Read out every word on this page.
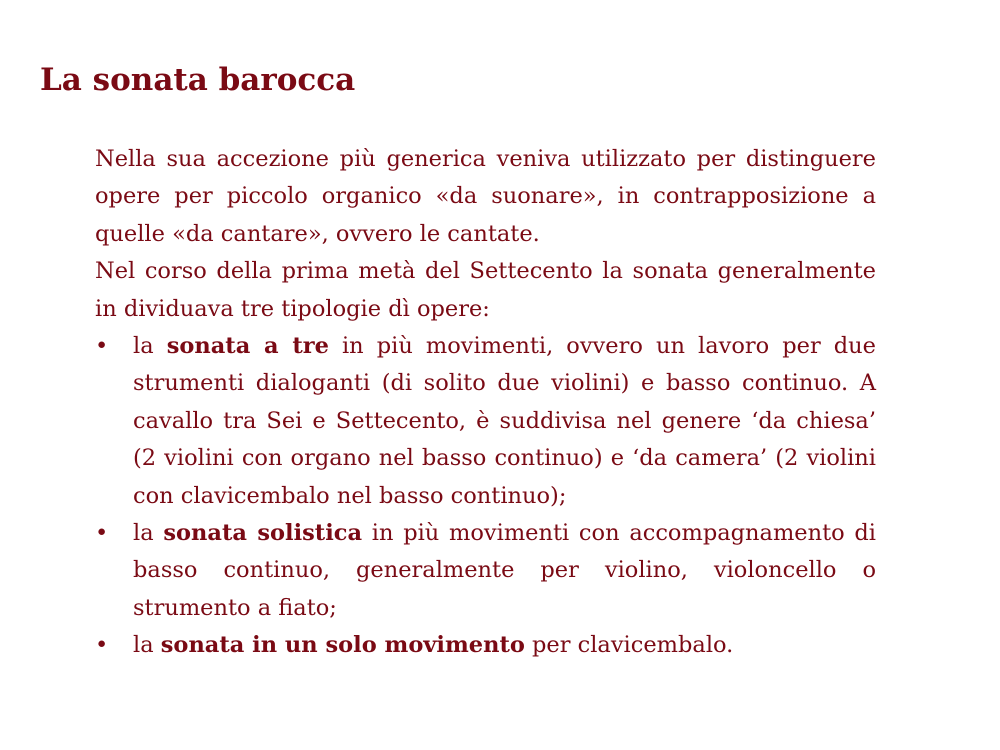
La sonata barocca

Nella sua accezione più generica veniva utilizzato per distinguere opere per piccolo organico «da suonare», in contrapposizione a quelle «da cantare», ovvero le cantate.

Nel corso della prima metà del Settecento la sonata generalmente in dividuava tre tipologie dì opere:

• la sonata a tre in più movimenti, ovvero un lavoro per due strumenti dialoganti (di solito due violini) e basso continuo. A cavallo tra Sei e Settecento, è suddivisa nel genere ‘da chiesa’ (2 violini con organo nel basso continuo) e ‘da camera’ (2 violini con clavicembalo nel basso continuo);
• la sonata solistica in più movimenti con accompagnamento di basso continuo, generalmente per violino, violoncello o strumento a fiato;
• la sonata in un solo movimento per clavicembalo.
